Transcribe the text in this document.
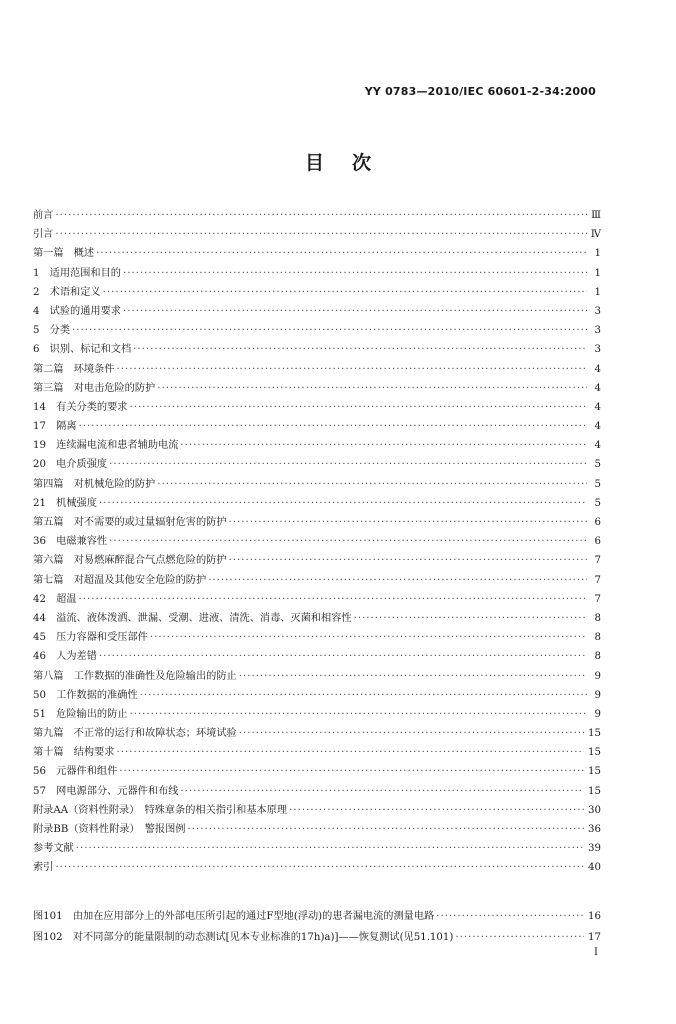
YY 0783—2010/IEC 60601-2-34:2000
目次
前言 ·····	Ⅲ
引言 ·····	Ⅳ
第一篇　概述 ·····	1
1　适用范围和目的 ·····	1
2　术语和定义 ·····	1
4　试验的通用要求 ·····	3
5　分类 ·····	3
6　识别、标记和文档 ·····	3
第二篇　环境条件 ·····	4
第三篇　对电击危险的防护 ·····	4
14　有关分类的要求 ·····	4
17　隔离 ·····	4
19　连续漏电流和患者辅助电流 ·····	4
20　电介质强度 ·····	5
第四篇　对机械危险的防护 ·····	5
21　机械强度 ·····	5
第五篇　对不需要的或过量辐射危害的防护 ·····	6
36　电磁兼容性 ·····	6
第六篇　对易燃麻醉混合气点燃危险的防护 ·····	7
第七篇　对超温及其他安全危险的防护 ·····	7
42　超温 ·····	7
44　溢流、液体泼洒、泄漏、受潮、进液、清洗、消毒、灭菌和相容性 ·····	8
45　压力容器和受压部件 ·····	8
46　人为差错 ·····	8
第八篇　工作数据的准确性及危险输出的防止 ·····	9
50　工作数据的准确性 ·····	9
51　危险输出的防止 ·····	9
第九篇　不正常的运行和故障状态；环境试验 ·····	15
第十篇　结构要求 ·····	15
56　元器件和组件 ·····	15
57　网电源部分、元器件和布线 ·····	15
附录AA（资料性附录）　特殊章条的相关指引和基本原理 ·····	30
附录BB（资料性附录）　警报图例 ·····	36
参考文献 ·····	39
索引 ·····	40
图101　由加在应用部分上的外部电压所引起的通过F型地(浮动)的患者漏电流的测量电路 ·····	16
图102　对不同部分的能量限制的动态测试[见本专业标准的17h)a)]——恢复测试(见51.101) ·····	17
I
